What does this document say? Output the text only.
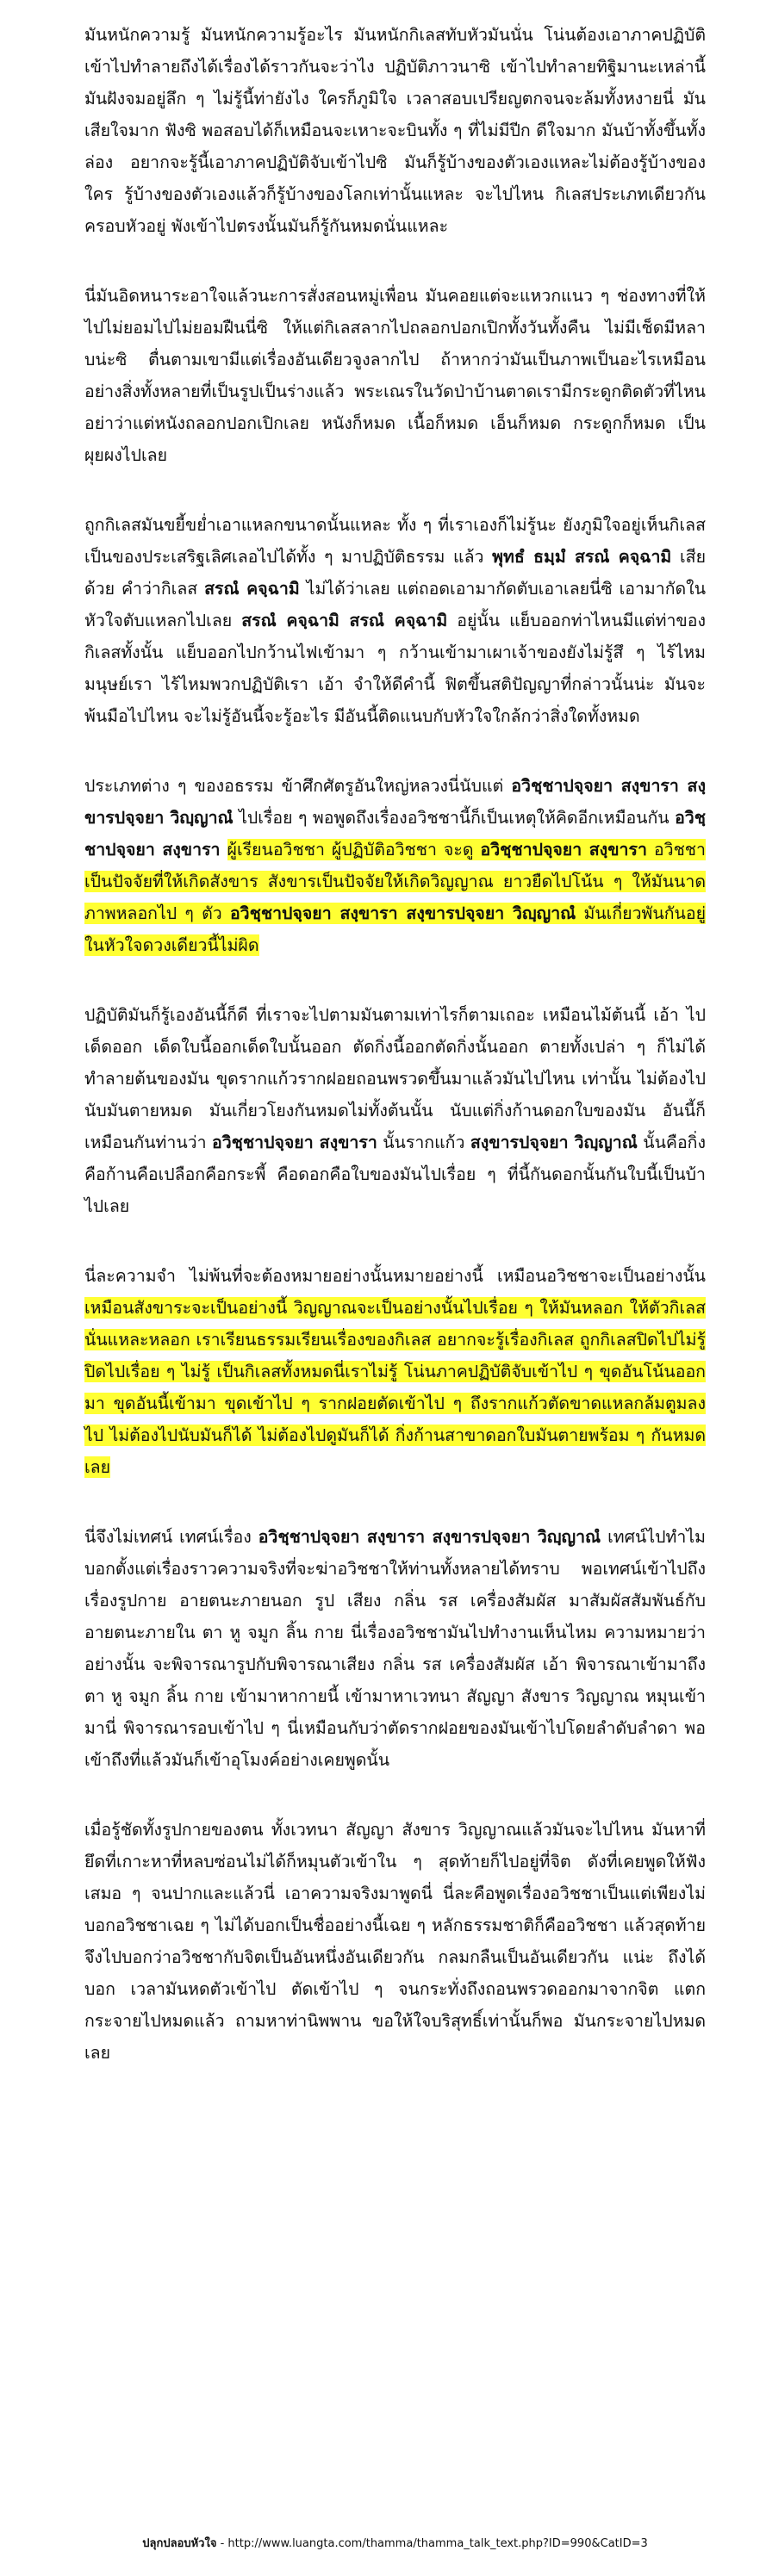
มันหนักความรู้ มันหนักความรู้อะไร มันหนักกิเลสทับหัวมันนั่น โน่นต้องเอาภาคปฏิบัติเข้าไปทำลายถึงได้เรื่องได้ราวกันจะว่าไง ปฏิบัติภาวนาซิ เข้าไปทำลายทิฐิมานะเหล่านี้ มันฝังจมอยู่ลึก ๆ ไม่รู้นี้ท่ายังไง ใครก็ภูมิใจ เวลาสอบเปรียญตกจนจะล้มทั้งหงายนี่ มันเสียใจมาก ฟังซิ พอสอบได้ก็เหมือนจะเหาะจะบินทั้ง ๆ ที่ไม่มีปีก ดีใจมาก มันบ้าทั้งขึ้นทั้งล่อง อยากจะรู้นี้เอาภาคปฏิบัติจับเข้าไปซิ มันก็รู้บ้างของตัวเองแหละไม่ต้องรู้บ้างของใคร รู้บ้างของตัวเองแล้วก็รู้บ้างของโลกเท่านั้นแหละ จะไปไหน กิเลสประเภทเดียวกันครอบหัวอยู่ พังเข้าไปตรงนั้นมันก็รู้กันหมดนั่นแหละ

นี่มันอิดหนาระอาใจแล้วนะการสั่งสอนหมู่เพื่อน มันคอยแต่จะแหวกแนว ๆ ช่องทางที่ให้ไปไม่ยอมไปไม่ยอมฝืนนี่ซิ ให้แต่กิเลสลากไปถลอกปอกเปิกทั้งวันทั้งคืน ไม่มีเช็ดมีหลาบน่ะซิ ตื่นตามเขามีแต่เรื่องอันเดียวจูงลากไป ถ้าหากว่ามันเป็นภาพเป็นอะไรเหมือนอย่างสิ่งทั้งหลายที่เป็นรูปเป็นร่างแล้ว พระเณรในวัดป่าบ้านตาดเรามีกระดูกติดตัวที่ไหน อย่าว่าแต่หนังถลอกปอกเปิกเลย หนังก็หมด เนื้อก็หมด เอ็นก็หมด กระดูกก็หมด เป็นผุยผงไปเลย

ถูกกิเลสมันขยี้ขย่ำเอาแหลกขนาดนั้นแหละ ทั้ง ๆ ที่เราเองก็ไม่รู้นะ ยังภูมิใจอยู่เห็นกิเลสเป็นของประเสริฐเลิศเลอไปได้ทั้ง ๆ มาปฏิบัติธรรม แล้ว พุทธํ ธมฺมํ สรณํ คจฺฉามิ เสียด้วย คำว่ากิเลส สรณํ คจฺฉามิ ไม่ได้ว่าเลย แต่ถอดเอามากัดตับเอาเลยนี่ซิ เอามากัดในหัวใจตับแหลกไปเลย สรณํ คจฺฉามิ สรณํ คจฺฉามิ อยู่นั้น แย็บออกท่าไหนมีแต่ท่าของกิเลสทั้งนั้น แย็บออกไปกว้านไฟเข้ามา ๆ กว้านเข้ามาเผาเจ้าของยังไม่รู้สึ ๆ ไร้ไหมมนุษย์เรา ไร้ไหมพวกปฏิบัติเรา เอ้า จำให้ดีคำนี้ ฟิตขึ้นสติปัญญาที่กล่าวนั้นน่ะ มันจะพ้นมือไปไหน จะไม่รู้อันนี้จะรู้อะไร มีอันนี้ติดแนบกับหัวใจใกล้กว่าสิ่งใดทั้งหมด

ประเภทต่าง ๆ ของอธรรม ข้าศึกศัตรูอันใหญ่หลวงนี่นับแต่ อวิชฺชาปจฺจยา สงฺขารา สงฺขารปจฺจยา วิญฺญาณํ ไปเรื่อย ๆ พอพูดถึงเรื่องอวิชชานี้ก็เป็นเหตุให้คิดอีกเหมือนกัน อวิชฺชาปจฺจยา สงฺขารา ผู้เรียนอวิชชา ผู้ปฏิบัติอวิชชา จะดู อวิชฺชาปจฺจยา สงฺขารา อวิชชาเป็นปัจจัยที่ให้เกิดสังขาร สังขารเป็นปัจจัยให้เกิดวิญญาณ ยาวยืดไปโน้น ๆ ให้มันนาดภาพหลอกไป ๆ ตัว อวิชฺชาปจฺจยา สงฺขารา สงฺขารปจฺจยา วิญฺญาณํ มันเกี่ยวพันกันอยู่ในหัวใจดวงเดียวนี้ไม่ผิด

ปฏิบัติมันก็รู้เองอันนี้ก็ดี ที่เราจะไปตามมันตามเท่าไรก็ตามเถอะ เหมือนไม้ต้นนี้ เอ้า ไปเด็ดออก เด็ดใบนี้ออกเด็ดใบนั้นออก ตัดกิ่งนี้ออกตัดกิ่งนั้นออก ตายทั้งเปล่า ๆ ก็ไม่ได้ทำลายต้นของมัน ขุดรากแก้วรากฝอยถอนพรวดขึ้นมาแล้วมันไปไหน เท่านั้น ไม่ต้องไปนับมันตายหมด มันเกี่ยวโยงกันหมดไม่ทั้งต้นนั้น นับแต่กิ่งก้านดอกใบของมัน อันนี้ก็เหมือนกันท่านว่า อวิชฺชาปจฺจยา สงฺขารา นั้นรากแก้ว สงฺขารปจฺจยา วิญฺญาณํ นั้นคือกิ่งคือก้านคือเปลือกคือกระพี้ คือดอกคือใบของมันไปเรื่อย ๆ ที่นี้กันดอกนั้นกันใบนี้เป็นบ้าไปเลย

นี่ละความจำ ไม่พ้นที่จะต้องหมายอย่างนั้นหมายอย่างนี้ เหมือนอวิชชาจะเป็นอย่างนั้น เหมือนสังขาระจะเป็นอย่างนี้ วิญญาณจะเป็นอย่างนั้นไปเรื่อย ๆ ให้มันหลอก ให้ตัวกิเลสนั่นแหละหลอก เราเรียนธรรมเรียนเรื่องของกิเลส อยากจะรู้เรื่องกิเลส ถูกกิเลสปิดไปไม่รู้ ปิดไปเรื่อย ๆ ไม่รู้ เป็นกิเลสทั้งหมดนี่เราไม่รู้ โน่นภาคปฏิบัติจับเข้าไป ๆ ขุดอันโน้นออกมา ขุดอันนี้เข้ามา ขุดเข้าไป ๆ รากฝอยตัดเข้าไป ๆ ถึงรากแก้วตัดขาดแหลกล้มตูมลงไป ไม่ต้องไปนับมันก็ได้ ไม่ต้องไปดูมันก็ได้ กิ่งก้านสาขาดอกใบมันตายพร้อม ๆ กันหมดเลย

นี่จึงไม่เทศน์ เทศน์เรื่อง อวิชฺชาปจฺจยา สงฺขารา สงฺขารปจฺจยา วิญฺญาณํ เทศน์ไปทำไม บอกตั้งแต่เรื่องราวความจริงที่จะฆ่าอวิชชาให้ท่านทั้งหลายได้ทราบ พอเทศน์เข้าไปถึงเรื่องรูปกาย อายตนะภายนอก รูป เสียง กลิ่น รส เครื่องสัมผัส มาสัมผัสสัมพันธ์กับอายตนะภายใน ตา หู จมูก ลิ้น กาย นี่เรื่องอวิชชามันไปทำงานเห็นไหม ความหมายว่าอย่างนั้น จะพิจารณารูปกับพิจารณาเสียง กลิ่น รส เครื่องสัมผัส เอ้า พิจารณาเข้ามาถึงตา หู จมูก ลิ้น กาย เข้ามาหากายนี้ เข้ามาหาเวทนา สัญญา สังขาร วิญญาณ หมุนเข้ามานี่ พิจารณารอบเข้าไป ๆ นี่เหมือนกับว่าตัดรากฝอยของมันเข้าไปโดยลำดับลำดา พอเข้าถึงที่แล้วมันก็เข้าอุโมงค์อย่างเคยพูดนั้น

เมื่อรู้ชัดทั้งรูปกายของตน ทั้งเวทนา สัญญา สังขาร วิญญาณแล้วมันจะไปไหน มันหาที่ยึดที่เกาะหาที่หลบซ่อนไม่ได้ก็หมุนตัวเข้าใน ๆ สุดท้ายก็ไปอยู่ที่จิต ดังที่เคยพูดให้ฟังเสมอ ๆ จนปากและแล้วนี่ เอาความจริงมาพูดนี่ นี่ละคือพูดเรื่องอวิชชาเป็นแต่เพียงไม่บอกอวิชชาเฉย ๆ ไม่ได้บอกเป็นชื่ออย่างนี้เฉย ๆ หลักธรรมชาติก็คืออวิชชา แล้วสุดท้ายจึงไปบอกว่าอวิชชากับจิตเป็นอันหนึ่งอันเดียวกัน กลมกลืนเป็นอันเดียวกัน แน่ะ ถึงได้บอก เวลามันหดตัวเข้าไป ตัดเข้าไป ๆ จนกระทั่งถึงถอนพรวดออกมาจากจิต แตกกระจายไปหมดแล้ว ถามหาท่านิพพาน ขอให้ใจบริสุทธิ์เท่านั้นก็พอ มันกระจายไปหมดเลย

ปลุกปลอบหัวใจ - http://www.luangta.com/thamma/thamma_talk_text.php?ID=990&CatID=3
